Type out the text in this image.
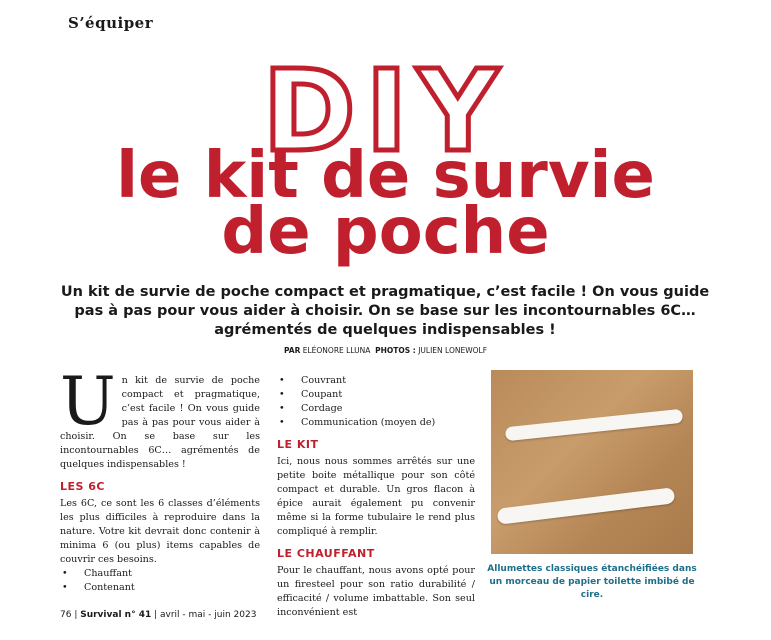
S’équiper
DIY
le kit de survie
de poche
Un kit de survie de poche compact et pragmatique, c’est facile ! On vous guide pas à pas pour vous aider à choisir. On se base sur les incontournables 6C… agrémentés de quelques indispensables !
PAR ELÉONORE LLUNA PHOTOS : JULIEN LONEWOLF
U n kit de survie de poche compact et pragmatique, c’est facile ! On vous guide pas à pas pour vous aider à choisir. On se base sur les incontournables 6C… agrémentés de quelques indispensables !
LES 6C
Les 6C, ce sont les 6 classes d’éléments les plus difficiles à reproduire dans la nature. Votre kit devrait donc contenir à minima 6 (ou plus) items capables de couvrir ces besoins.
• Chauffant
• Contenant
• Couvrant
• Coupant
• Cordage
• Communication (moyen de)
LE KIT
Ici, nous nous sommes arrêtés sur une petite boite métallique pour son côté compact et durable. Un gros flacon à épice aurait également pu convenir même si la forme tubulaire le rend plus compliqué à remplir.
LE CHAUFFANT
Pour le chauffant, nous avons opté pour un firesteel pour son ratio durabilité / efficacité / volume imbattable. Son seul inconvénient est
Allumettes classiques étanchéifiées dans un morceau de papier toilette imbibé de cire.
76 | Survival n° 41 | avril - mai - juin 2023
